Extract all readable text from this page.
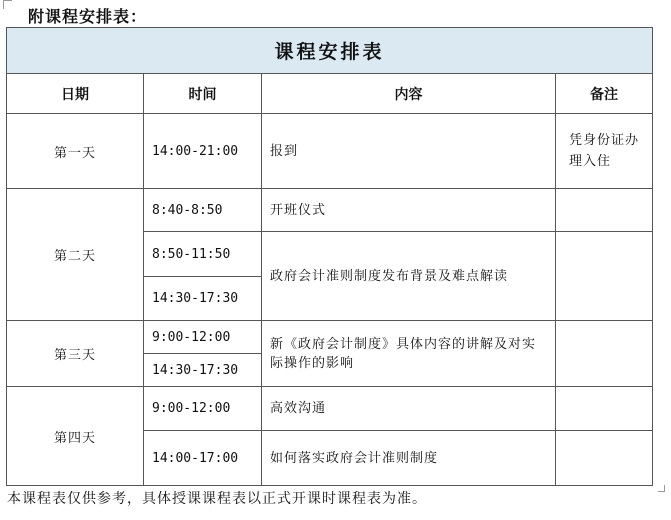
附课程安排表：
课程安排表			
日期	时间	内容	备注
第一天	14:00-21:00	报到	凭身份证办理入住

第二天	8:40-8:50	开班仪式	
	8:50-11:50	政府会计准则制度发布背景及难点解读	
	14:30-17:30		
第三天	9:00-12:00	新《政府会计制度》具体内容的讲解及对实际操作的影响	
	14:30-17:30		
第四天	9:00-12:00	高效沟通	
	14:00-17:00	如何落实政府会计准则制度	
本课程表仅供参考，具体授课课程表以正式开课时课程表为准。
